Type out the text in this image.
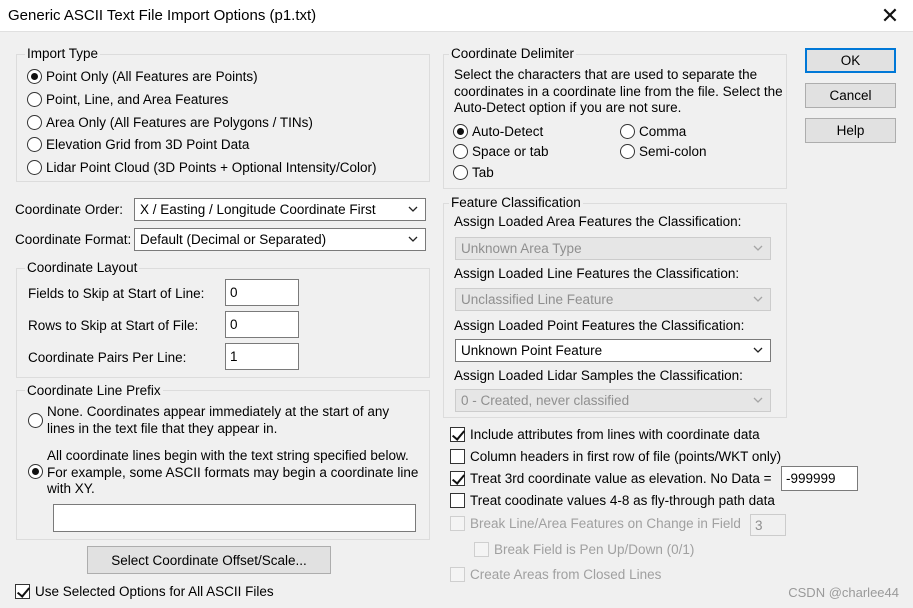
Generic ASCII Text File Import Options (p1.txt)	✕
Import Type
Point Only (All Features are Points)
Point, Line, and Area Features
Area Only (All Features are Polygons / TINs)
Elevation Grid from 3D Point Data
Lidar Point Cloud (3D Points + Optional Intensity/Color)
Coordinate Order: X / Easting / Longitude Coordinate First
Coordinate Format: Default (Decimal or Separated)
Coordinate Layout
Fields to Skip at Start of Line: 0
Rows to Skip at Start of File: 0
Coordinate Pairs Per Line:	1
Coordinate Line Prefix
None. Coordinates appear immediately at the start of any
lines in the text file that they appear in.
All coordinate lines begin with the text string specified below.
For example, some ASCII formats may begin a coordinate line
with XY.
Select Coordinate Offset/Scale...
Use Selected Options for All ASCII Files
Coordinate Delimiter
Select the characters that are used to separate the
coordinates in a coordinate line from the file. Select the
Auto-Detect option if you are not sure.
Auto-Detect	Comma
Space or tab	Semi-colon
Tab
Feature Classification
Assign Loaded Area Features the Classification:
Unknown Area Type
Assign Loaded Line Features the Classification:
Unclassified Line Feature
Assign Loaded Point Features the Classification:
Unknown Point Feature
Assign Loaded Lidar Samples the Classification:
0 - Created, never classified
Include attributes from lines with coordinate data
Column headers in first row of file (points/WKT only)
Treat 3rd coordinate value as elevation. No Data = -999999
Treat coodinate values 4-8 as fly-through path data
Break Line/Area Features on Change in Field 3
Break Field is Pen Up/Down (0/1)
Create Areas from Closed Lines
OK
Cancel
Help
CSDN @charlee44
